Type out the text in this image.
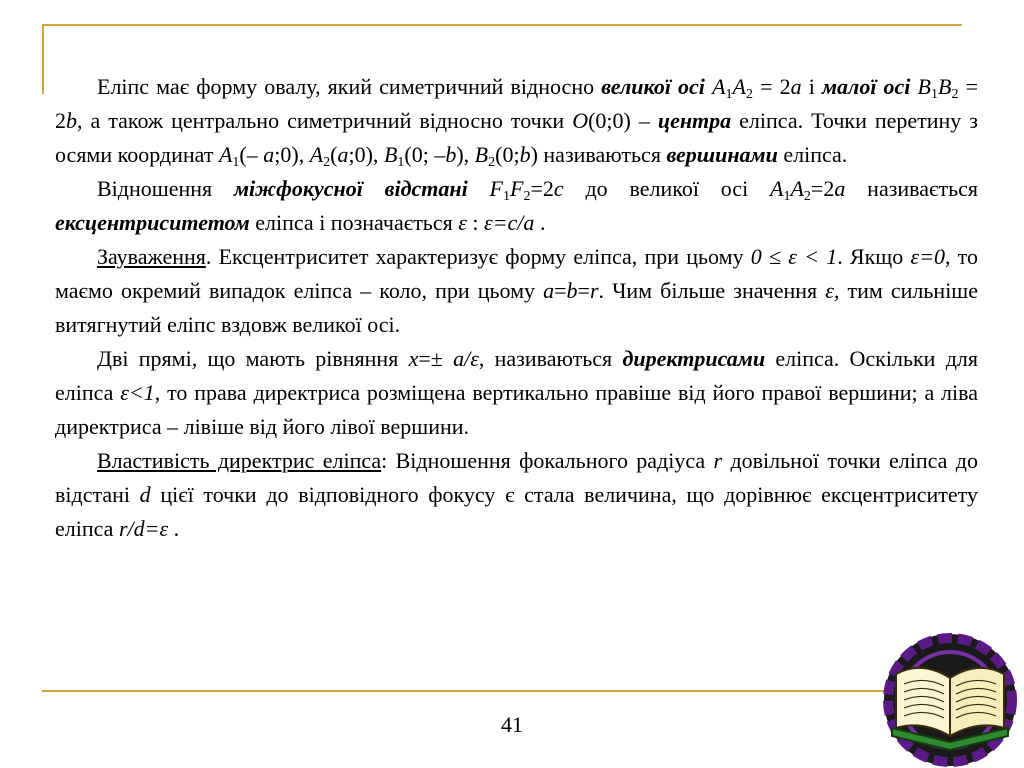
Еліпс має форму овалу, який симетричний відносно великої осі $A_1A_2 = 2a$ і малої осі $B_1B_2 = 2b$, а також центрально симетричний відносно точки O(0;0) – центра еліпса. Точки перетину з осями координат $A_1(-$ a;0), $A_2(a;0)$, $B_1(0$; –b), $B_2(0;b)$ називаються вершинами еліпса.

Відношення міжфокусної відстані $F_1F_2=2c$ до великої осі $A_1A_2=2a$ називається ексцентриситетом еліпса і позначається ε : ε=c/a .

Зауваження. Ексцентриситет характеризує форму еліпса, при цьому 0 ≤ ε < 1. Якщо ε=0, то маємо окремий випадок еліпса – коло, при цьому a=b=r. Чим більше значення ε, тим сильніше витягнутий еліпс вздовж великої осі.

Дві прямі, що мають рівняння x=± a/ε, називаються директрисами еліпса. Оскільки для еліпса ε<1, то права директриса розміщена вертикально правіше від його правої вершини; а ліва директриса – лівіше від його лівої вершини.

Властивість директрис еліпса: Відношення фокального радіуса r довільної точки еліпса до відстані d цієї точки до відповідного фокусу є стала величина, що дорівнює ексцентриситету еліпса r/d=ε .

41
